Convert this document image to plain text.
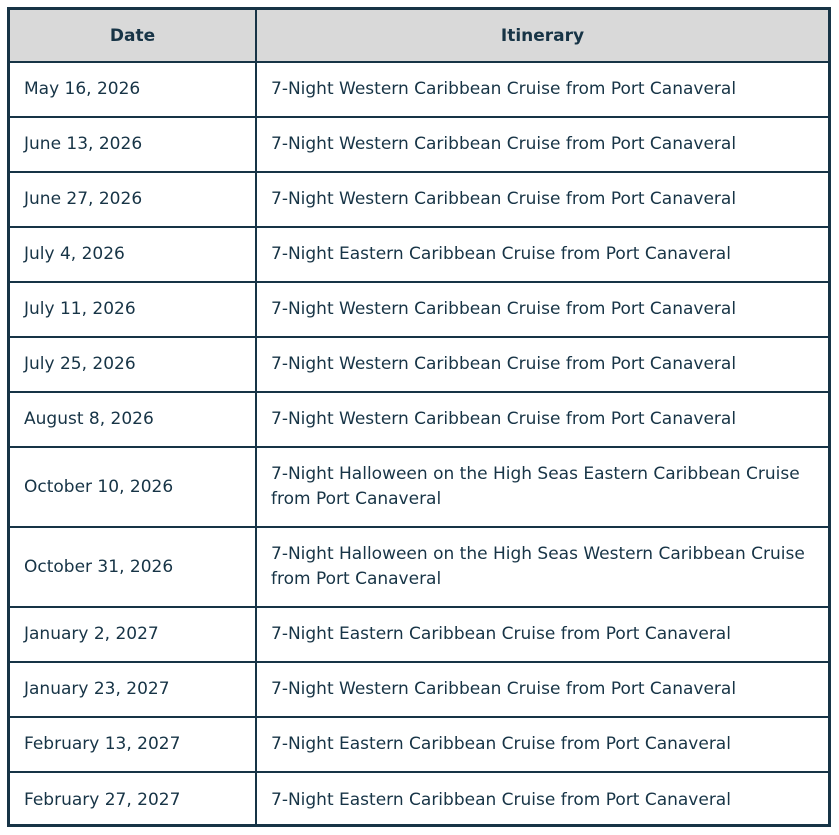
Date	Itinerary
May 16, 2026	7-Night Western Caribbean Cruise from Port Canaveral
June 13, 2026	7-Night Western Caribbean Cruise from Port Canaveral
June 27, 2026	7-Night Western Caribbean Cruise from Port Canaveral
July 4, 2026	7-Night Eastern Caribbean Cruise from Port Canaveral
July 11, 2026	7-Night Western Caribbean Cruise from Port Canaveral
July 25, 2026	7-Night Western Caribbean Cruise from Port Canaveral
August 8, 2026	7-Night Western Caribbean Cruise from Port Canaveral
October 10, 2026	7-Night Halloween on the High Seas Eastern Caribbean Cruise from Port Canaveral
October 31, 2026	7-Night Halloween on the High Seas Western Caribbean Cruise from Port Canaveral
January 2, 2027	7-Night Eastern Caribbean Cruise from Port Canaveral
January 23, 2027	7-Night Western Caribbean Cruise from Port Canaveral
February 13, 2027	7-Night Eastern Caribbean Cruise from Port Canaveral
February 27, 2027	7-Night Eastern Caribbean Cruise from Port Canaveral
